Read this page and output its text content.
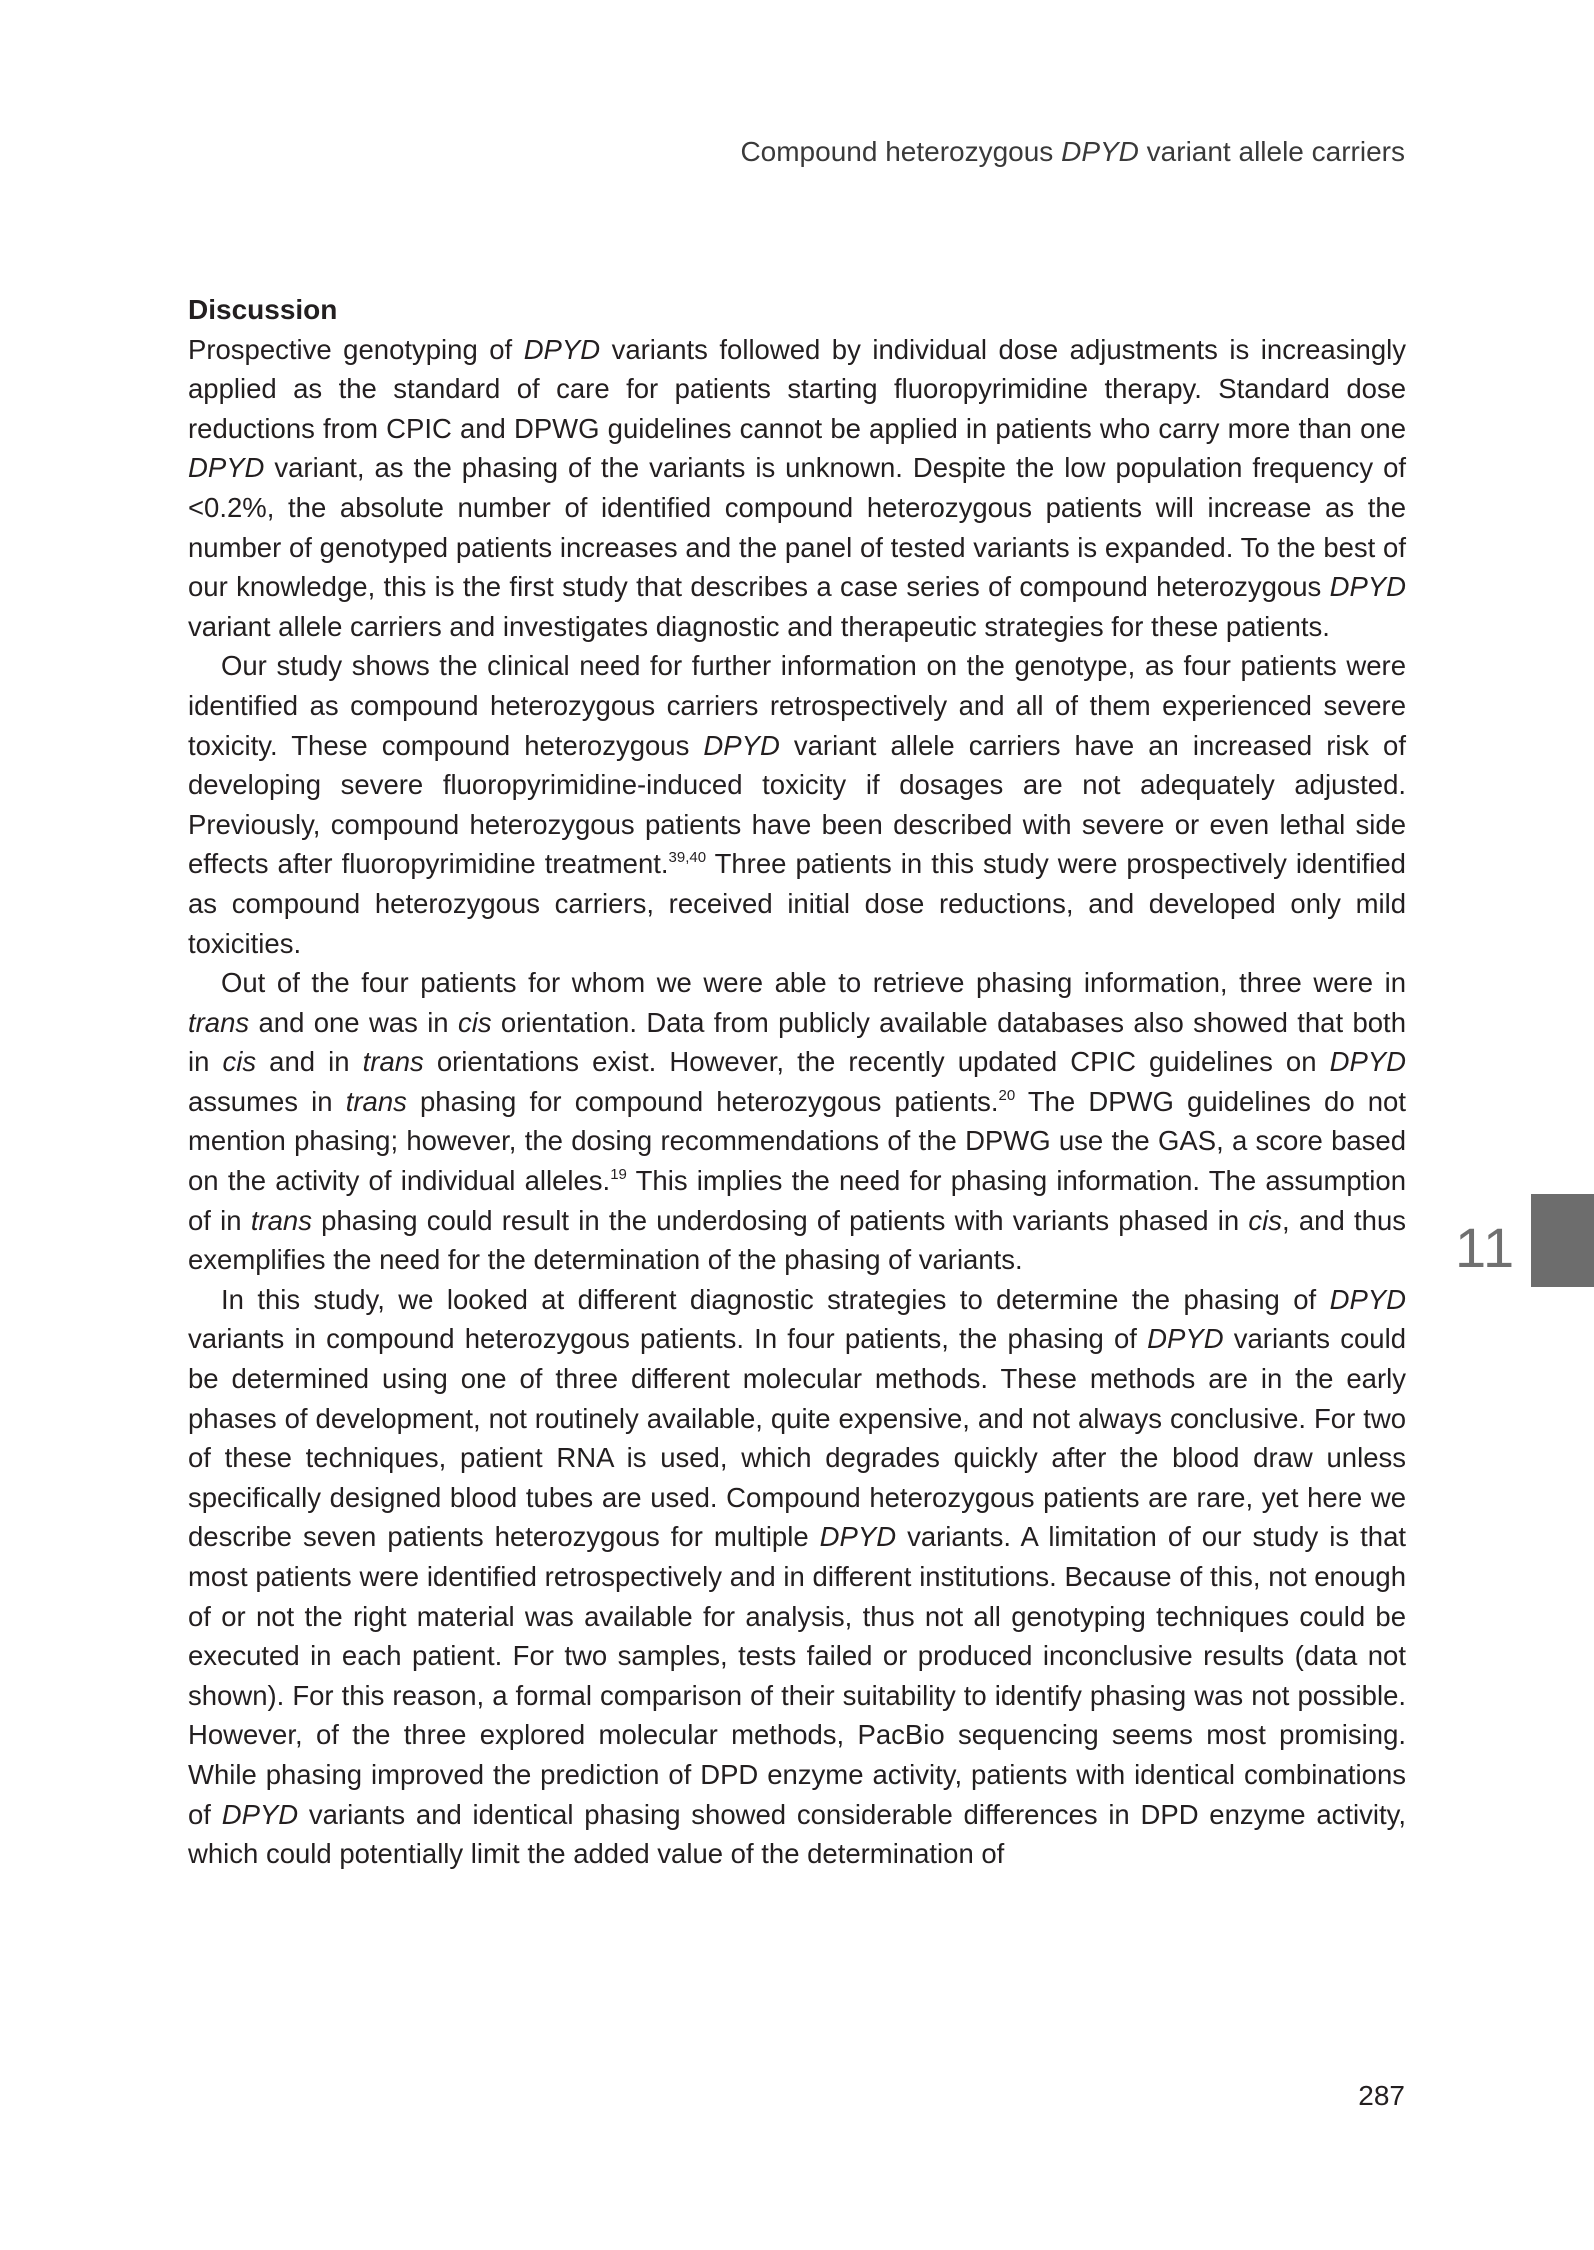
Compound heterozygous DPYD variant allele carriers
Discussion

Prospective genotyping of DPYD variants followed by individual dose adjustments is increasingly applied as the standard of care for patients starting fluoropyrimidine therapy. Standard dose reductions from CPIC and DPWG guidelines cannot be applied in patients who carry more than one DPYD variant, as the phasing of the variants is unknown. Despite the low population frequency of <0.2%, the absolute number of identified compound heterozygous patients will increase as the number of genotyped patients increases and the panel of tested variants is expanded. To the best of our knowledge, this is the first study that describes a case series of compound heterozygous DPYD variant allele carriers and investigates diagnostic and therapeutic strategies for these patients.

Our study shows the clinical need for further information on the genotype, as four patients were identified as compound heterozygous carriers retrospectively and all of them experienced severe toxicity. These compound heterozygous DPYD variant allele carriers have an increased risk of developing severe fluoropyrimidine-induced toxicity if dosages are not adequately adjusted. Previously, compound heterozygous patients have been described with severe or even lethal side effects after fluoropyrimidine treatment.$^{39,40}$ Three patients in this study were prospectively identified as compound heterozygous carriers, received initial dose reductions, and developed only mild toxicities.

Out of the four patients for whom we were able to retrieve phasing information, three were in trans and one was in cis orientation. Data from publicly available databases also showed that both in cis and in trans orientations exist. However, the recently updated CPIC guidelines on DPYD assumes in trans phasing for compound heterozygous patients.$^{20}$ The DPWG guidelines do not mention phasing; however, the dosing recommendations of the DPWG use the GAS, a score based on the activity of individual alleles.$^{19}$ This implies the need for phasing information. The assumption of in trans phasing could result in the underdosing of patients with variants phased in cis, and thus exemplifies the need for the determination of the phasing of variants.

In this study, we looked at different diagnostic strategies to determine the phasing of DPYD variants in compound heterozygous patients. In four patients, the phasing of DPYD variants could be determined using one of three different molecular methods. These methods are in the early phases of development, not routinely available, quite expensive, and not always conclusive. For two of these techniques, patient RNA is used, which degrades quickly after the blood draw unless specifically designed blood tubes are used. Compound heterozygous patients are rare, yet here we describe seven patients heterozygous for multiple DPYD variants. A limitation of our study is that most patients were identified retrospectively and in different institutions. Because of this, not enough of or not the right material was available for analysis, thus not all genotyping techniques could be executed in each patient. For two samples, tests failed or produced inconclusive results (data not shown). For this reason, a formal comparison of their suitability to identify phasing was not possible. However, of the three explored molecular methods, PacBio sequencing seems most promising. While phasing improved the prediction of DPD enzyme activity, patients with identical combinations of DPYD variants and identical phasing showed considerable differences in DPD enzyme activity, which could potentially limit the added value of the determination of

11
287
